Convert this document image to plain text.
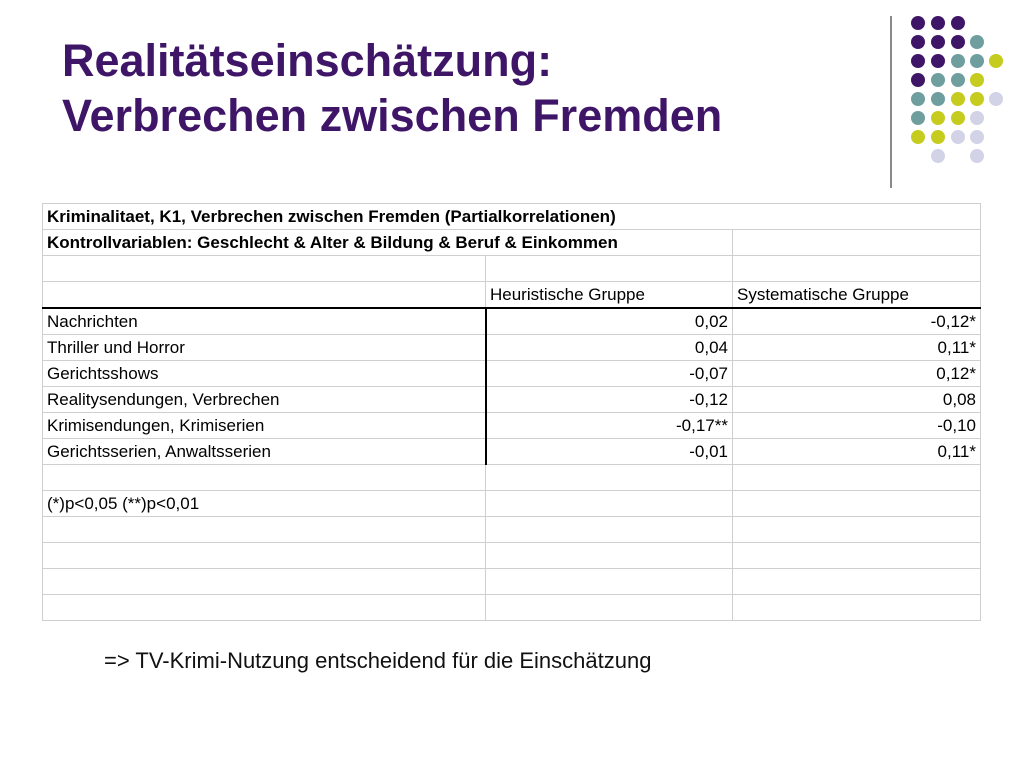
Realitätseinschätzung:
Verbrechen zwischen Fremden
Kriminalitaet, K1, Verbrechen zwischen Fremden (Partialkorrelationen)		
Kontrollvariablen: Geschlecht & Alter & Bildung & Beruf & Einkommen		

	Heuristische Gruppe	Systematische Gruppe
Nachrichten	0,02	-0,12*
Thriller und Horror	0,04	0,11*
Gerichtsshows	-0,07	0,12*
Realitysendungen, Verbrechen	-0,12	0,08
Krimisendungen, Krimiserien	-0,17**	-0,10
Gerichtsserien, Anwaltsserien	-0,01	0,11*

(*)p<0,05 (**)p<0,01		

=> TV-Krimi-Nutzung entscheidend für die Einschätzung
